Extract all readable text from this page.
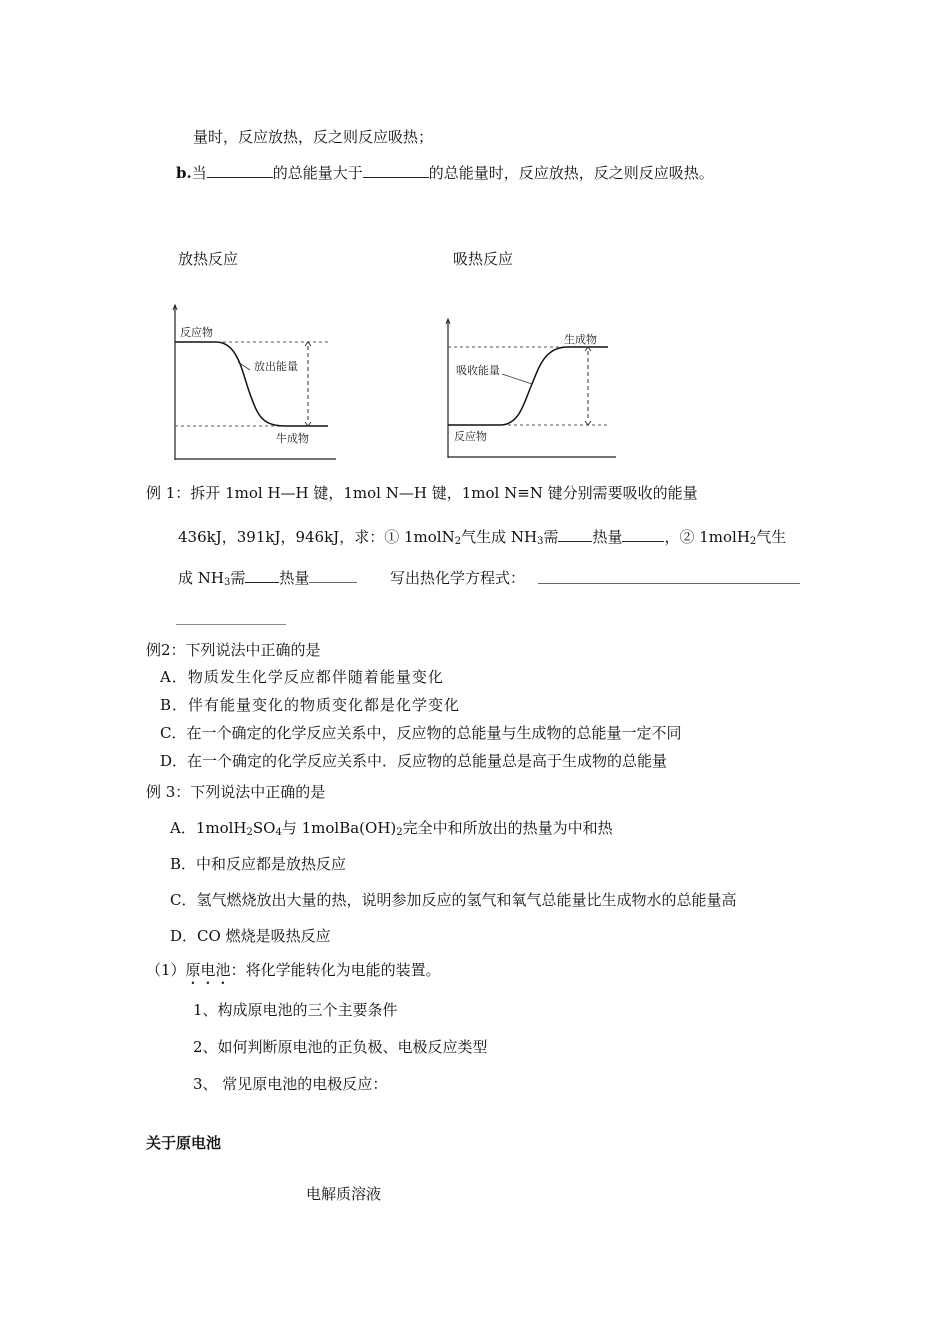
量时，反应放热，反之则反应吸热；
b.当	的总能量大于	的总能量时，反应放热，反之则反应吸热。
放热反应	吸热反应
反应物
放出能量
牛成物
生成物
吸收能量
反应物
例 1：拆开 1mol H—H 键，1mol N—H 键，1mol N≡N 键分别需要吸收的能量
436kJ，391kJ，946kJ，求：① 1molN$_2$气生成 $NH_3$需 热量	，② 1molH$_2$气生
成 $NH_3$需 热量	写出热化学方程式：
例2：下列说法中正确的是
A．物质发生化学反应都伴随着能量变化
B．伴有能量变化的物质变化都是化学变化
C．在一个确定的化学反应关系中，反应物的总能量与生成物的总能量一定不同
D．在一个确定的化学反应关系中．反应物的总能量总是高于生成物的总能量
例 3：下列说法中正确的是
A．$1molH_2SO_4$与 $1molBa(OH)_2$完全中和所放出的热量为中和热
B．中和反应都是放热反应
C．氢气燃烧放出大量的热，说明参加反应的氢气和氧气总能量比生成物水的总能量高
D．CO 燃烧是吸热反应
（1）原电池：将化学能转化为电能的装置。
1、构成原电池的三个主要条件
2、如何判断原电池的正负极、电极反应类型
3、 常见原电池的电极反应：
关于原电池
电解质溶液
